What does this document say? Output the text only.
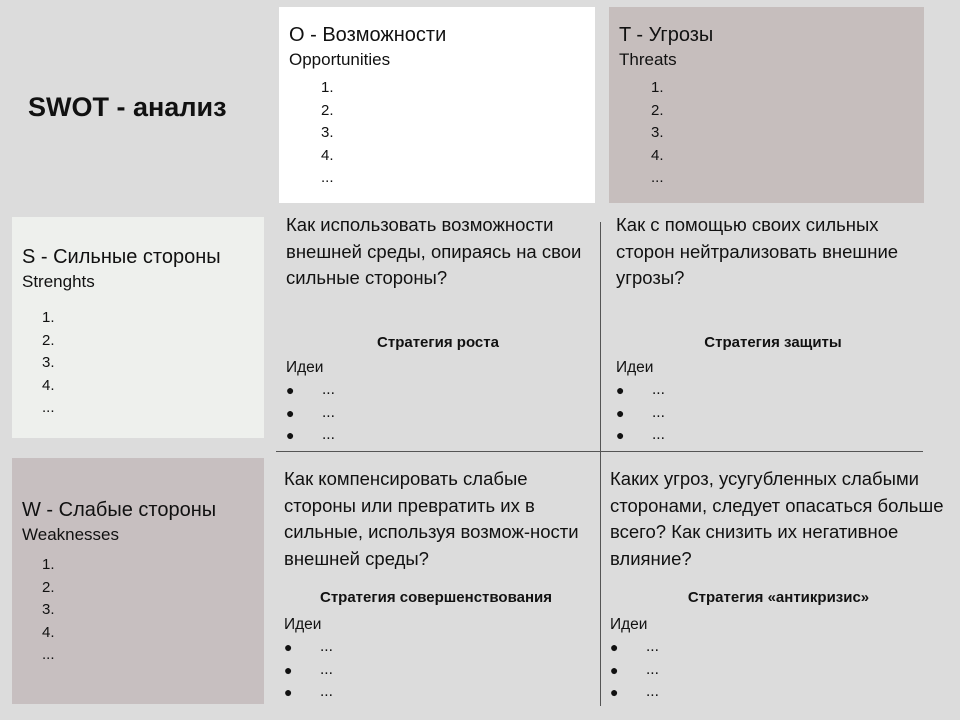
SWOT - анализ
O - Возможности
Opportunities
1.
2.
3.
4.
...
T - Угрозы
Threats
1.
2.
3.
4.
...
S - Сильные стороны
Strenghts
1.
2.
3.
4.
...
W - Слабые стороны
Weaknesses
1.
2.
3.
4.
...
Как использовать возможности внешней среды, опираясь на свои сильные стороны?
Стратегия роста
Идеи
●	...
●	...
●	...
Как с помощью своих сильных сторон нейтрализовать внешние угрозы?
Стратегия защиты
Идеи
●	...
●	...
●	...
Как компенсировать слабые стороны или превратить их в сильные, используя возмож-ности внешней среды?
Стратегия совершенствования
Идеи
●	...
●	...
●	...
Каких угроз, усугубленных слабыми сторонами, следует опасаться больше всего? Как снизить их негативное влияние?
Стратегия «антикризис»
Идеи
●	...
●	...
●	...
